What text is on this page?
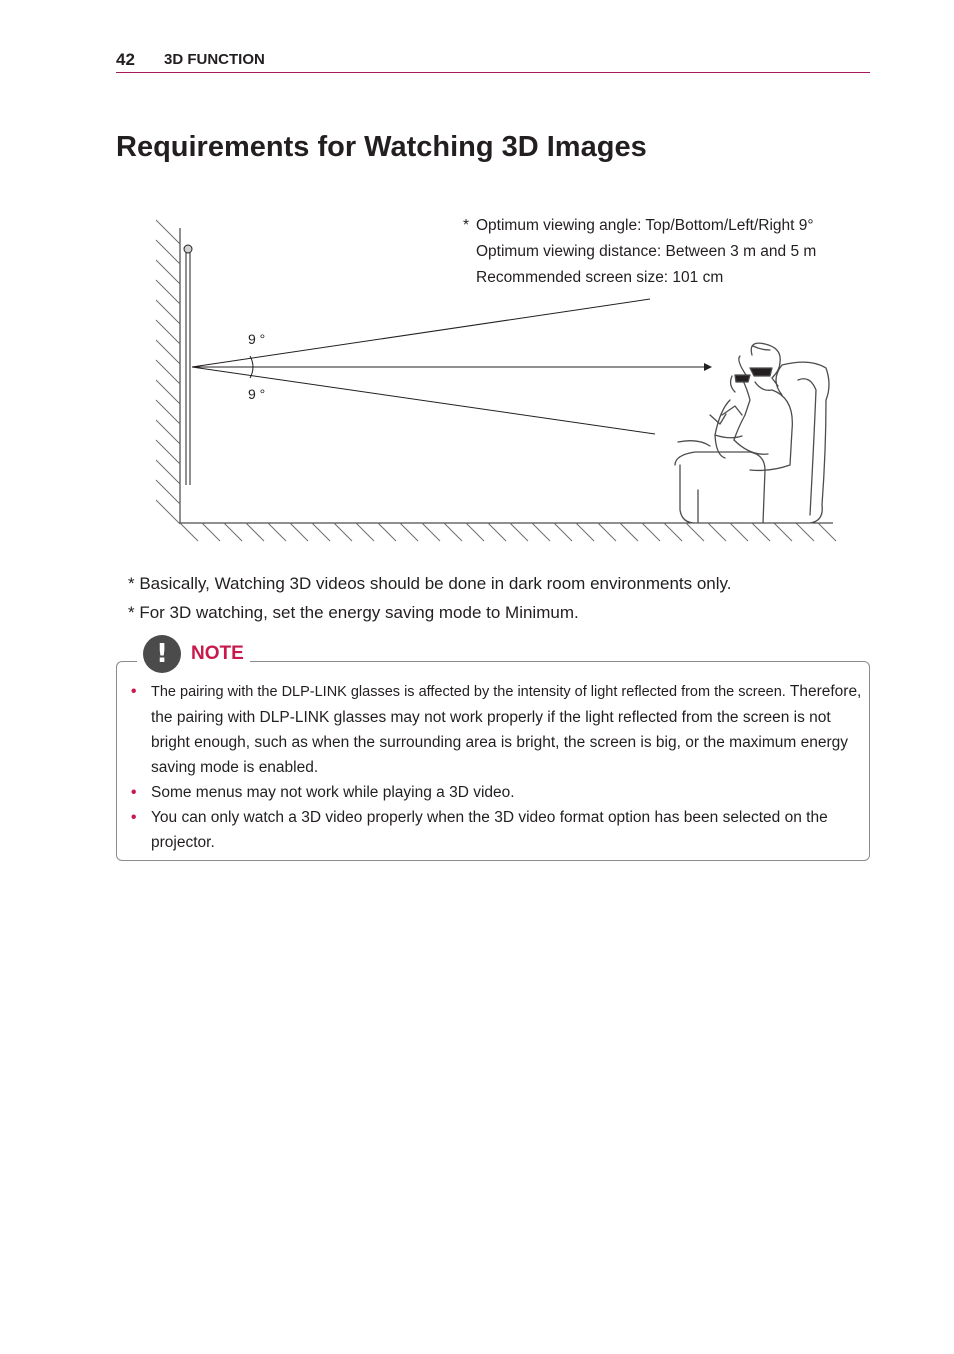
42 3D FUNCTION
Requirements for Watching 3D Images
* Optimum viewing angle: Top/Bottom/Left/Right 9°
Optimum viewing distance: Between 3 m and 5 m
Recommended screen size: 101 cm
9 °
9 °
* Basically, Watching 3D videos should be done in dark room environments only.
* For 3D watching, set the energy saving mode to Minimum.
!	NOTE
• The pairing with the DLP-LINK glasses is affected by the intensity of light reflected from the screen. Therefore, the pairing with DLP-LINK glasses may not work properly if the light reflected from the screen is not bright enough, such as when the surrounding area is bright, the screen is big, or the maximum energy saving mode is enabled.
• Some menus may not work while playing a 3D video.
• You can only watch a 3D video properly when the 3D video format option has been selected on the projector.
